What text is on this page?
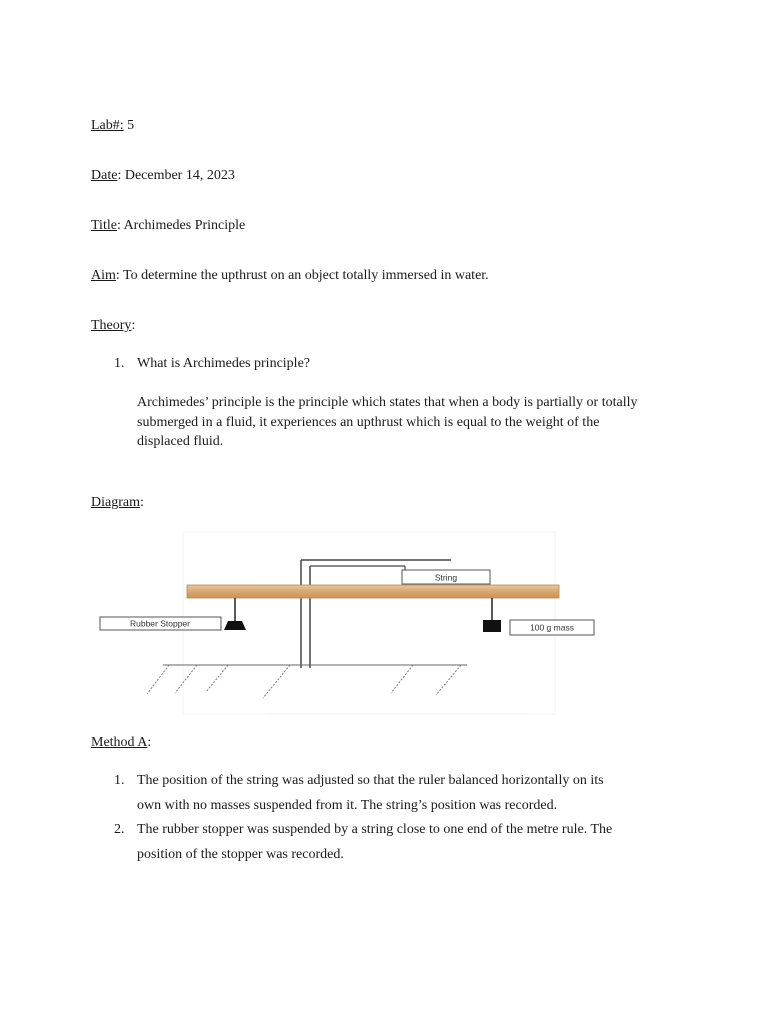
Lab#: 5
Date: December 14, 2023
Title: Archimedes Principle
Aim: To determine the upthrust on an object totally immersed in water.
Theory:
1. What is Archimedes principle?
Archimedes’ principle is the principle which states that when a body is partially or totally
submerged in a fluid, it experiences an upthrust which is equal to the weight of the
displaced fluid.
Diagram:
String
Rubber Stopper	100 g mass
Method A:
1. The position of the string was adjusted so that the ruler balanced horizontally on its
own with no masses suspended from it. The string’s position was recorded.
2. The rubber stopper was suspended by a string close to one end of the metre rule. The
position of the stopper was recorded.
